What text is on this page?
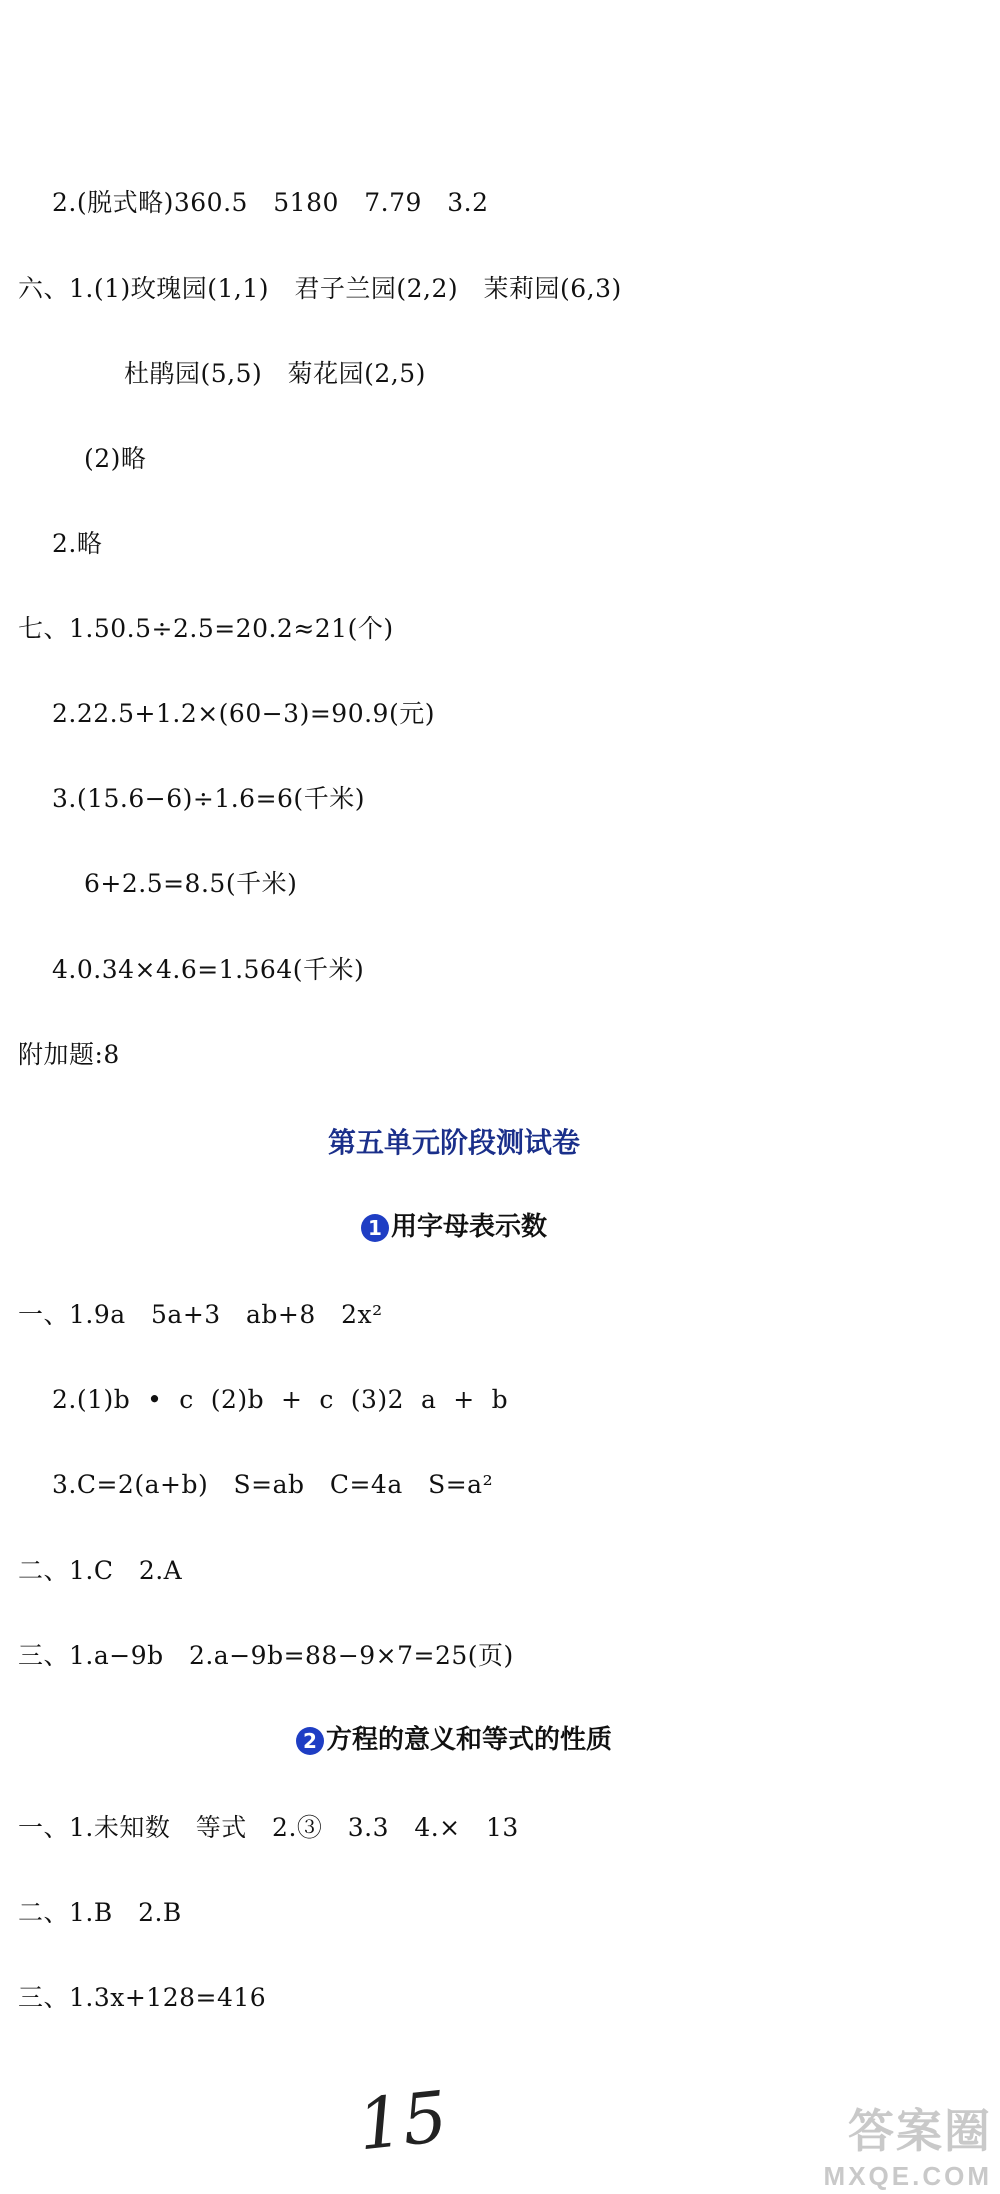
2.(脱式略)360.5   5180   7.79   3.2
六、1.(1)玫瑰园(1,1)   君子兰园(2,2)   茉莉园(6,3)
杜鹃园(5,5)   菊花园(2,5)
(2)略
2.略
七、1.50.5÷2.5=20.2≈21(个)
2.22.5+1.2×(60−3)=90.9(元)
3.(15.6−6)÷1.6=6(千米)
6+2.5=8.5(千米)
4.0.34×4.6=1.564(千米)
附加题:8
第五单元阶段测试卷
1 用字母表示数
一、1.9a   5a+3   ab+8   2x²
2.(1)b  •  c  (2)b  +  c  (3)2  a  +  b
3.C=2(a+b)   S=ab   C=4a   S=a²
二、1.C   2.A
三、1.a−9b   2.a−9b=88−9×7=25(页)
2 方程的意义和等式的性质
一、1.未知数   等式   2.③   3.3   4.×   13
二、1.B   2.B
三、1.3x+128=416
15	答案圈
MXQE.COM
